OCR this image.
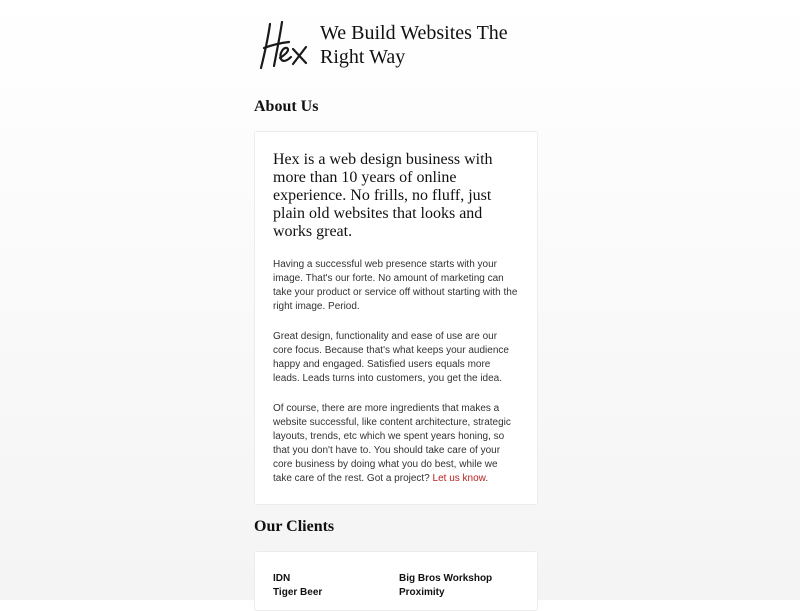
We Build Websites The Right Way
About Us

Hex is a web design business with more than 10 years of online experience. No frills, no fluff, just plain old websites that looks and works great.

Having a successful web presence starts with your image. That's our forte. No amount of marketing can take your product or service off without starting with the right image. Period.

Great design, functionality and ease of use are our core focus. Because that's what keeps your audience happy and engaged. Satisfied users equals more leads. Leads turns into customers, you get the idea.

Of course, there are more ingredients that makes a website successful, like content architecture, strategic layouts, trends, etc which we spent years honing, so that you don't have to. You should take care of your core business by doing what you do best, while we take care of the rest. Got a project? Let us know.

Our Clients
IDN	Big Bros Workshop
Tiger Beer	Proximity
